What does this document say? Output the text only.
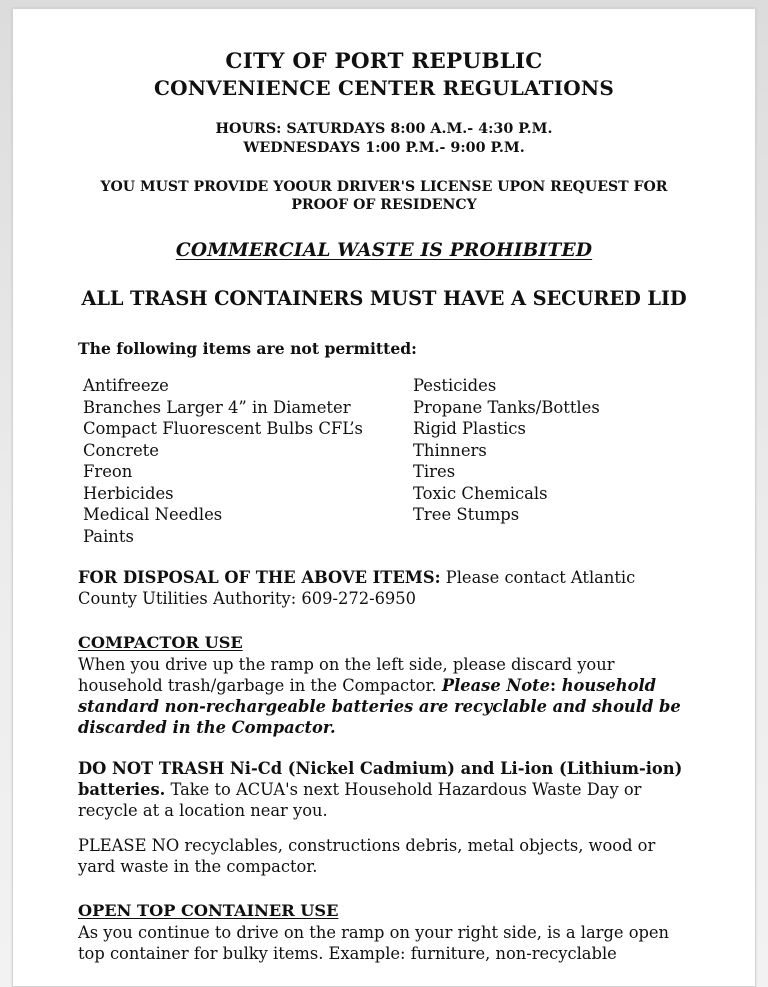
CITY OF PORT REPUBLIC
CONVENIENCE CENTER REGULATIONS
HOURS: SATURDAYS 8:00 A.M.- 4:30 P.M.
WEDNESDAYS 1:00 P.M.- 9:00 P.M.
YOU MUST PROVIDE YOOUR DRIVER'S LICENSE UPON REQUEST FOR
PROOF OF RESIDENCY
COMMERCIAL WASTE IS PROHIBITED
ALL TRASH CONTAINERS MUST HAVE A SECURED LID
The following items are not permitted:
Antifreeze
Branches Larger 4” in Diameter
Compact Fluorescent Bulbs CFL’s
Concrete
Freon
Herbicides
Medical Needles
Paints
Pesticides
Propane Tanks/Bottles
Rigid Plastics
Thinners
Tires
Toxic Chemicals
Tree Stumps
FOR DISPOSAL OF THE ABOVE ITEMS: Please contact Atlantic County Utilities Authority: 609-272-6950
COMPACTOR USE
When you drive up the ramp on the left side, please discard your household trash/garbage in the Compactor. Please Note: household standard non-rechargeable batteries are recyclable and should be discarded in the Compactor.
DO NOT TRASH Ni-Cd (Nickel Cadmium) and Li-ion (Lithium-ion) batteries. Take to ACUA's next Household Hazardous Waste Day or recycle at a location near you.
PLEASE NO recyclables, constructions debris, metal objects, wood or yard waste in the compactor.
OPEN TOP CONTAINER USE
As you continue to drive on the ramp on your right side, is a large open top container for bulky items. Example: furniture, non-recyclable
